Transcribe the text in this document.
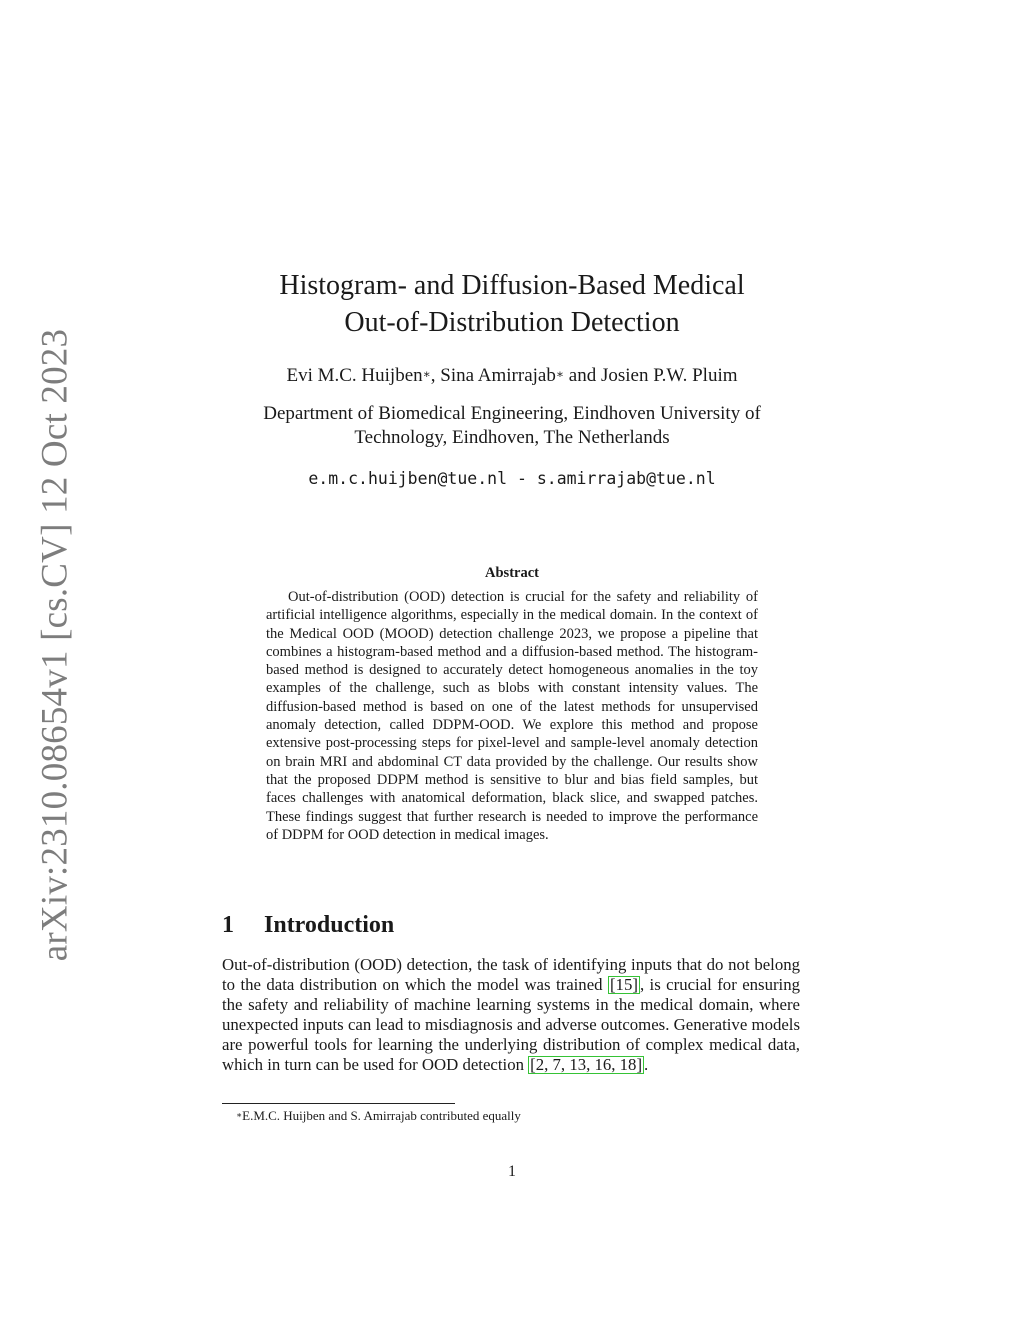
arXiv:2310.08654v1 [cs.CV] 12 Oct 2023
Histogram- and Diffusion-Based Medical
Out-of-Distribution Detection
Evi M.C. Huijben∗, Sina Amirrajab∗ and Josien P.W. Pluim
Department of Biomedical Engineering, Eindhoven University of
Technology, Eindhoven, The Netherlands
e.m.c.huijben@tue.nl - s.amirrajab@tue.nl
Abstract
Out-of-distribution (OOD) detection is crucial for the safety and reliability of artificial intelligence algorithms, especially in the medical domain. In the context of the Medical OOD (MOOD) detection challenge 2023, we propose a pipeline that combines a histogram-based method and a diffusion-based method. The histogram-based method is designed to accurately detect homogeneous anomalies in the toy examples of the challenge, such as blobs with constant intensity values. The diffusion-based method is based on one of the latest methods for unsupervised anomaly detection, called DDPM-OOD. We explore this method and propose extensive post-processing steps for pixel-level and sample-level anomaly detection on brain MRI and abdominal CT data provided by the challenge. Our results show that the proposed DDPM method is sensitive to blur and bias field samples, but faces challenges with anatomical deformation, black slice, and swapped patches. These findings suggest that further research is needed to improve the performance of DDPM for OOD detection in medical images.
1 Introduction
Out-of-distribution (OOD) detection, the task of identifying inputs that do not belong to the data distribution on which the model was trained [15] , is crucial for ensuring the safety and reliability of machine learning systems in the medical domain, where unexpected inputs can lead to misdiagnosis and adverse outcomes. Generative models are powerful tools for learning the underlying distribution of complex medical data, which in turn can be used for OOD detection [2, 7, 13, 16, 18] .
∗E.M.C. Huijben and S. Amirrajab contributed equally
1
